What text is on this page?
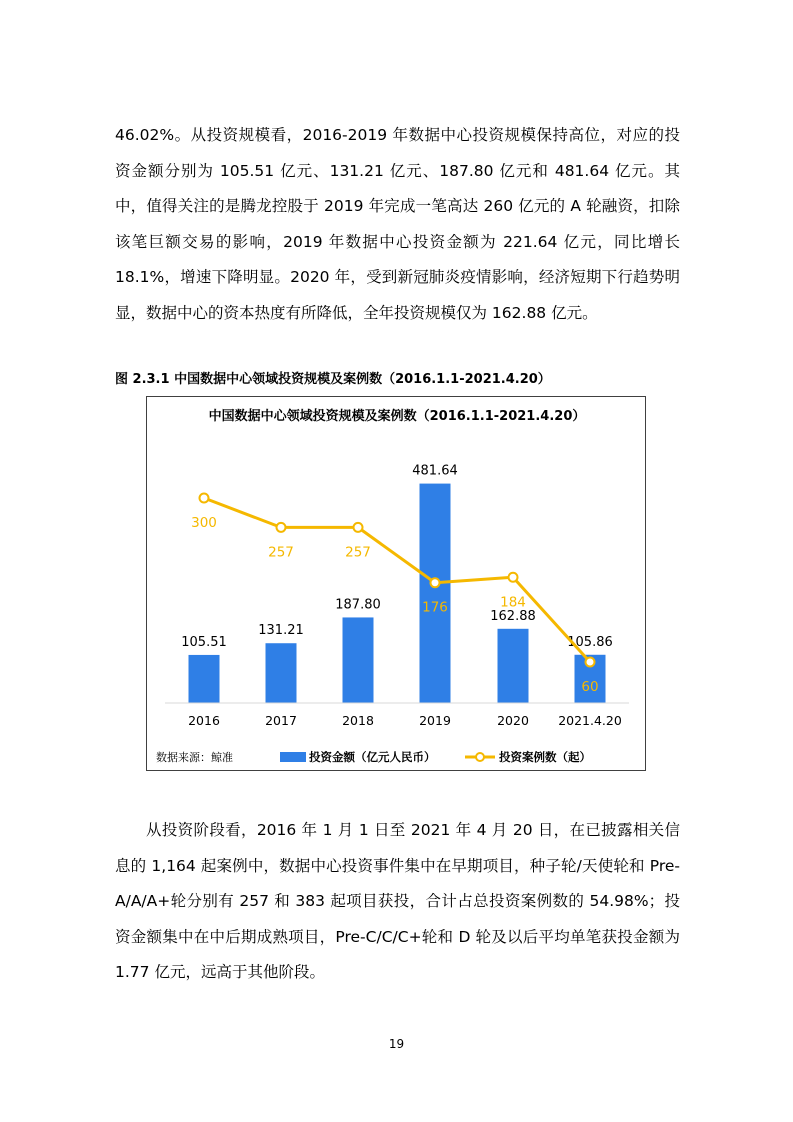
46.02%。从投资规模看，2016-2019 年数据中心投资规模保持高位，对应的投资金额分别为 105.51 亿元、131.21 亿元、187.80 亿元和 481.64 亿元。其中，值得关注的是腾龙控股于 2019 年完成一笔高达 260 亿元的 A 轮融资，扣除该笔巨额交易的影响，2019 年数据中心投资金额为 221.64 亿元，同比增长 18.1%，增速下降明显。2020 年，受到新冠肺炎疫情影响，经济短期下行趋势明显，数据中心的资本热度有所降低，全年投资规模仅为 162.88 亿元。

图 2.3.1 中国数据中心领域投资规模及案例数（2016.1.1-2021.4.20）

中国数据中心领域投资规模及案例数（2016.1.1-2021.4.20）
105.51
131.21
187.80
481.64
162.88
105.86
2016	2017	2018	2019	2020 2021.4.20
300
257	257
176	184
60
数据来源：鲸准	投资金额（亿元人民币）	投资案例数（起）

从投资阶段看，2016 年 1 月 1 日至 2021 年 4 月 20 日，在已披露相关信息的 1,164 起案例中，数据中心投资事件集中在早期项目，种子轮/天使轮和 Pre-A/A/A+轮分别有 257 和 383 起项目获投，合计占总投资案例数的 54.98%；投资金额集中在中后期成熟项目，Pre-C/C/C+轮和 D 轮及以后平均单笔获投金额为 1.77 亿元，远高于其他阶段。

19
